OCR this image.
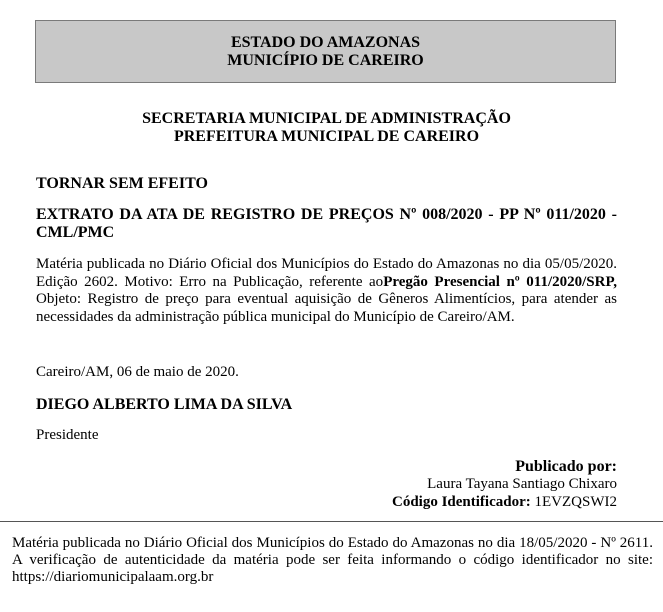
ESTADO DO AMAZONAS
MUNICÍPIO DE CAREIRO
SECRETARIA MUNICIPAL DE ADMINISTRAÇÃO
PREFEITURA MUNICIPAL DE CAREIRO
TORNAR SEM EFEITO
EXTRATO DA ATA DE REGISTRO DE PREÇOS Nº 008/2020 - PP Nº 011/2020 - CML/PMC
Matéria publicada no Diário Oficial dos Municípios do Estado do Amazonas no dia 05/05/2020. Edição 2602. Motivo: Erro na Publicação, referente aoPregão Presencial nº 011/2020/SRP, Objeto: Registro de preço para eventual aquisição de Gêneros Alimentícios, para atender as necessidades da administração pública municipal do Município de Careiro/AM.
Careiro/AM, 06 de maio de 2020.
DIEGO ALBERTO LIMA DA SILVA
Presidente
Publicado por:
Laura Tayana Santiago Chixaro
Código Identificador: 1EVZQSWI2
Matéria publicada no Diário Oficial dos Municípios do Estado do Amazonas no dia 18/05/2020 - Nº 2611. A verificação de autenticidade da matéria pode ser feita informando o código identificador no site: https://diariomunicipalaam.org.br
